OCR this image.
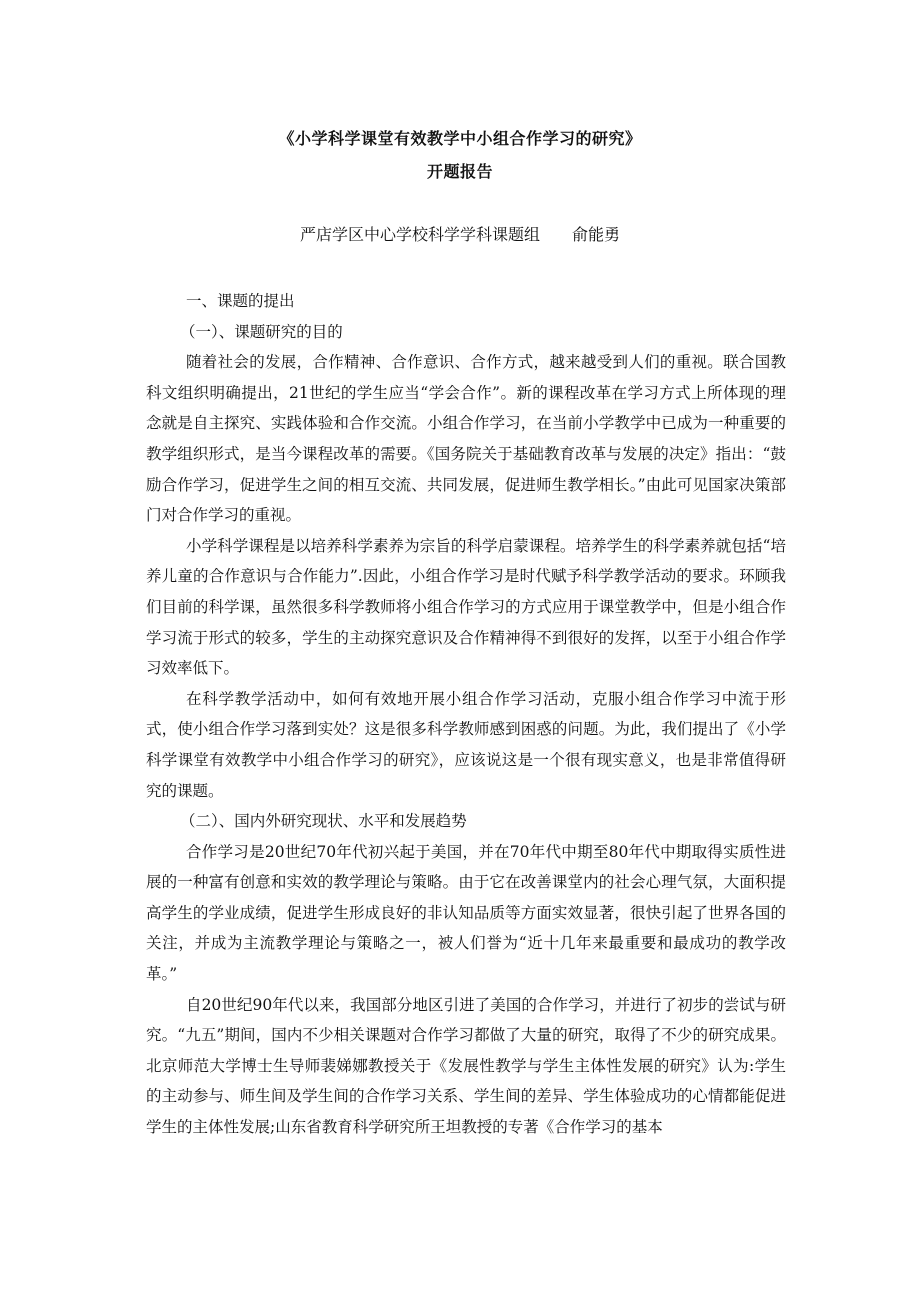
《小学科学课堂有效教学中小组合作学习的研究》
开题报告
严店学区中心学校科学学科课题组　　俞能勇

一、课题的提出

（一）、课题研究的目的

随着社会的发展，合作精神、合作意识、合作方式，越来越受到人们的重视。联合国教科文组织明确提出，21世纪的学生应当“学会合作”。新的课程改革在学习方式上所体现的理念就是自主探究、实践体验和合作交流。小组合作学习，在当前小学教学中已成为一种重要的教学组织形式，是当今课程改革的需要。《国务院关于基础教育改革与发展的决定》指出：“鼓励合作学习，促进学生之间的相互交流、共同发展，促进师生教学相长。”由此可见国家决策部门对合作学习的重视。

小学科学课程是以培养科学素养为宗旨的科学启蒙课程。培养学生的科学素养就包括“培养儿童的合作意识与合作能力”.因此，小组合作学习是时代赋予科学教学活动的要求。环顾我们目前的科学课，虽然很多科学教师将小组合作学习的方式应用于课堂教学中，但是小组合作学习流于形式的较多，学生的主动探究意识及合作精神得不到很好的发挥，以至于小组合作学习效率低下。

在科学教学活动中，如何有效地开展小组合作学习活动，克服小组合作学习中流于形式，使小组合作学习落到实处？这是很多科学教师感到困惑的问题。为此，我们提出了《小学科学课堂有效教学中小组合作学习的研究》，应该说这是一个很有现实意义，也是非常值得研究的课题。

（二）、国内外研究现状、水平和发展趋势

合作学习是20世纪70年代初兴起于美国，并在70年代中期至80年代中期取得实质性进展的一种富有创意和实效的教学理论与策略。由于它在改善课堂内的社会心理气氛，大面积提高学生的学业成绩，促进学生形成良好的非认知品质等方面实效显著，很快引起了世界各国的关注，并成为主流教学理论与策略之一，被人们誉为“近十几年来最重要和最成功的教学改革。”

自20世纪90年代以来，我国部分地区引进了美国的合作学习，并进行了初步的尝试与研究。“九五”期间，国内不少相关课题对合作学习都做了大量的研究，取得了不少的研究成果。北京师范大学博士生导师裴娣娜教授关于《发展性教学与学生主体性发展的研究》认为:学生的主动参与、师生间及学生间的合作学习关系、学生间的差异、学生体验成功的心情都能促进学生的主体性发展;山东省教育科学研究所王坦教授的专著《合作学习的基本
